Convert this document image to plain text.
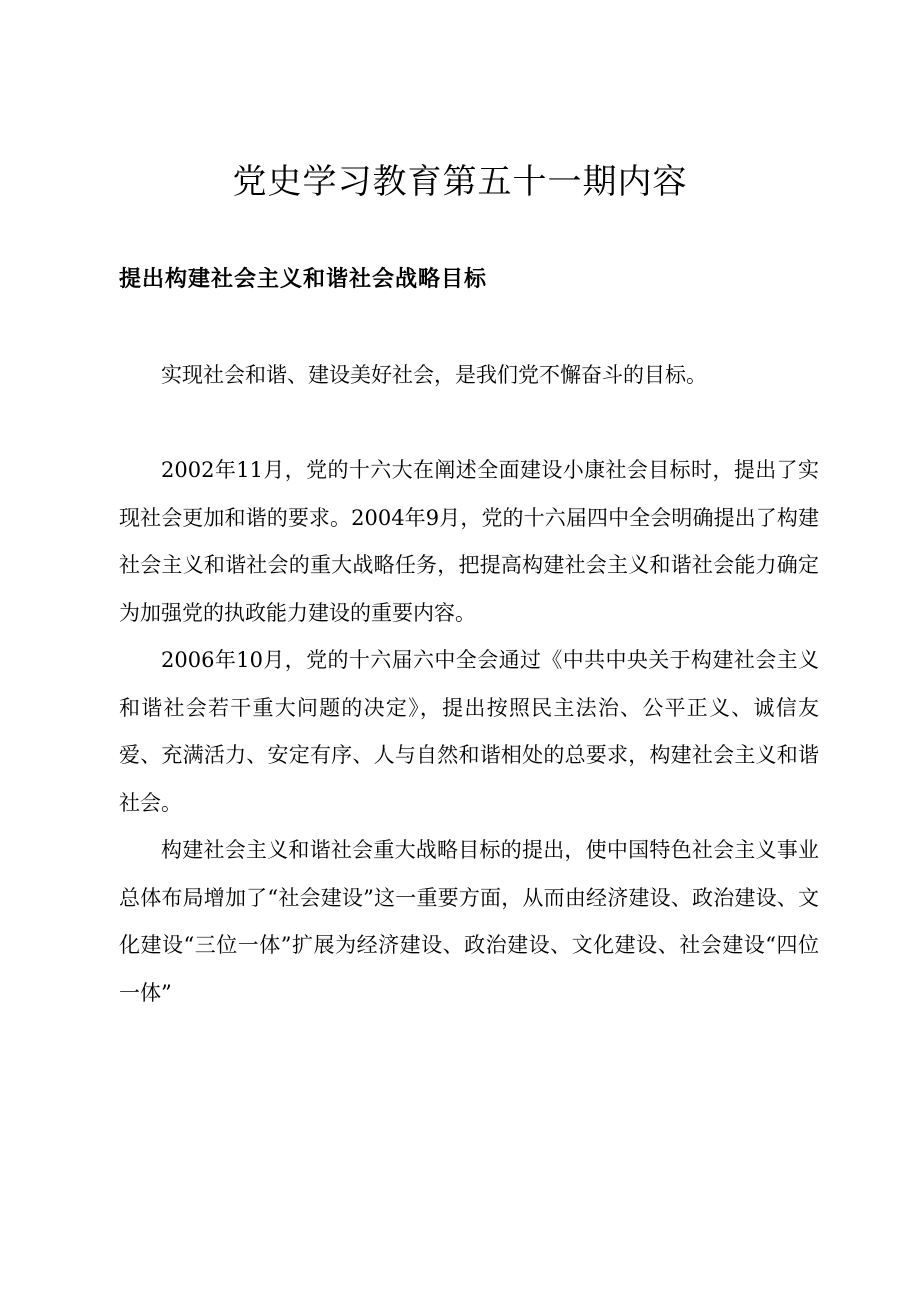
党史学习教育第五十一期内容
提出构建社会主义和谐社会战略目标

实现社会和谐、建设美好社会，是我们党不懈奋斗的目标。

2002年11月，党的十六大在阐述全面建设小康社会目标时，提出了实现社会更加和谐的要求。2004年9月，党的十六届四中全会明确提出了构建社会主义和谐社会的重大战略任务，把提高构建社会主义和谐社会能力确定为加强党的执政能力建设的重要内容。

2006年10月，党的十六届六中全会通过《中共中央关于构建社会主义和谐社会若干重大问题的决定》，提出按照民主法治、公平正义、诚信友爱、充满活力、安定有序、人与自然和谐相处的总要求，构建社会主义和谐社会。

构建社会主义和谐社会重大战略目标的提出，使中国特色社会主义事业总体布局增加了“社会建设”这一重要方面，从而由经济建设、政治建设、文化建设“三位一体”扩展为经济建设、政治建设、文化建设、社会建设“四位一体”
